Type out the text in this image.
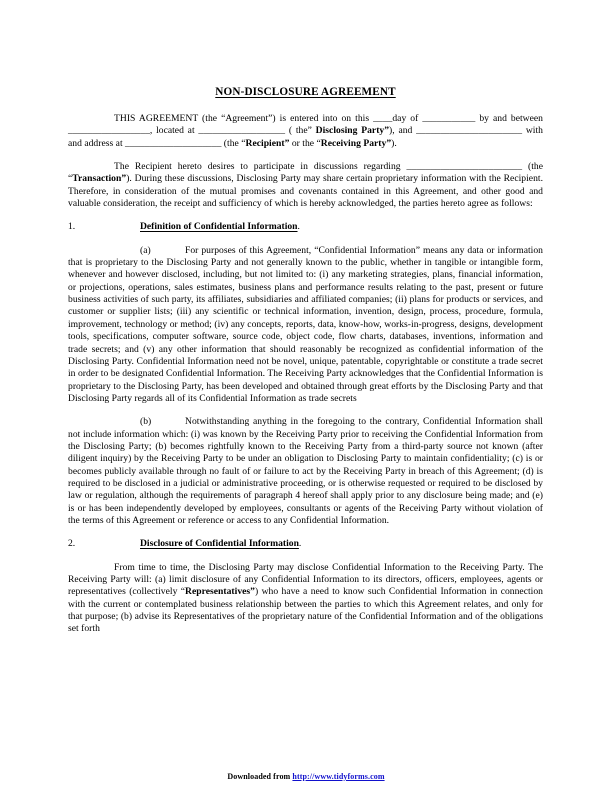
NON-DISCLOSURE AGREEMENT

THIS AGREEMENT (the “Agreement”) is entered into on this ____day of ___________ by and between _________________, located at __________________ ( the” Disclosing Party”), and ______________________ with and address at ____________________ (the “Recipient” or the “Receiving Party”).

The Recipient hereto desires to participate in discussions regarding ________________________ (the “Transaction”). During these discussions, Disclosing Party may share certain proprietary information with the Recipient. Therefore, in consideration of the mutual promises and covenants contained in this Agreement, and other good and valuable consideration, the receipt and sufficiency of which is hereby acknowledged, the parties hereto agree as follows:

1.	Definition of Confidential Information.

(a)	For purposes of this Agreement, “Confidential Information” means any data or information that is proprietary to the Disclosing Party and not generally known to the public, whether in tangible or intangible form, whenever and however disclosed, including, but not limited to: (i) any marketing strategies, plans, financial information, or projections, operations, sales estimates, business plans and performance results relating to the past, present or future business activities of such party, its affiliates, subsidiaries and affiliated companies; (ii) plans for products or services, and customer or supplier lists; (iii) any scientific or technical information, invention, design, process, procedure, formula, improvement, technology or method; (iv) any concepts, reports, data, know-how, works-in-progress, designs, development tools, specifications, computer software, source code, object code, flow charts, databases, inventions, information and trade secrets; and (v) any other information that should reasonably be recognized as confidential information of the Disclosing Party. Confidential Information need not be novel, unique, patentable, copyrightable or constitute a trade secret in order to be designated Confidential Information. The Receiving Party acknowledges that the Confidential Information is proprietary to the Disclosing Party, has been developed and obtained through great efforts by the Disclosing Party and that Disclosing Party regards all of its Confidential Information as trade secrets

(b)	Notwithstanding anything in the foregoing to the contrary, Confidential Information shall not include information which: (i) was known by the Receiving Party prior to receiving the Confidential Information from the Disclosing Party; (b) becomes rightfully known to the Receiving Party from a third-party source not known (after diligent inquiry) by the Receiving Party to be under an obligation to Disclosing Party to maintain confidentiality; (c) is or becomes publicly available through no fault of or failure to act by the Receiving Party in breach of this Agreement; (d) is required to be disclosed in a judicial or administrative proceeding, or is otherwise requested or required to be disclosed by law or regulation, although the requirements of paragraph 4 hereof shall apply prior to any disclosure being made; and (e) is or has been independently developed by employees, consultants or agents of the Receiving Party without violation of the terms of this Agreement or reference or access to any Confidential Information.

2.	Disclosure of Confidential Information.

From time to time, the Disclosing Party may disclose Confidential Information to the Receiving Party. The Receiving Party will: (a) limit disclosure of any Confidential Information to its directors, officers, employees, agents or representatives (collectively “Representatives”) who have a need to know such Confidential Information in connection with the current or contemplated business relationship between the parties to which this Agreement relates, and only for that purpose; (b) advise its Representatives of the proprietary nature of the Confidential Information and of the obligations set forth

Downloaded from http://www.tidyforms.com
